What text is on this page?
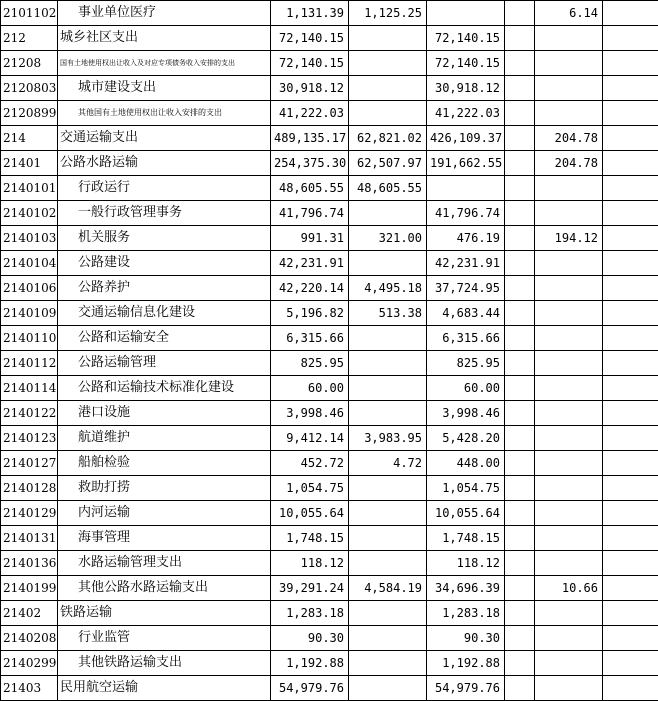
2101102	事业单位医疗	1,131.39	1,125.25			6.14	
212	城乡社区支出	72,140.15		72,140.15			
21208	国有土地使用权出让收入及对应专项债务收入安排的支出	72,140.15		72,140.15			
2120803	城市建设支出	30,918.12		30,918.12			
2120899	其他国有土地使用权出让收入安排的支出	41,222.03		41,222.03			
214	交通运输支出	489,135.17	62,821.02	426,109.37		204.78	
21401	公路水路运输	254,375.30	62,507.97	191,662.55		204.78	
2140101	行政运行	48,605.55	48,605.55				
2140102	一般行政管理事务	41,796.74		41,796.74			
2140103	机关服务	991.31	321.00	476.19		194.12	
2140104	公路建设	42,231.91		42,231.91			
2140106	公路养护	42,220.14	4,495.18	37,724.95			
2140109	交通运输信息化建设	5,196.82	513.38	4,683.44			
2140110	公路和运输安全	6,315.66		6,315.66			
2140112	公路运输管理	825.95		825.95			
2140114	公路和运输技术标准化建设	60.00		60.00			
2140122	港口设施	3,998.46		3,998.46			
2140123	航道维护	9,412.14	3,983.95	5,428.20			
2140127	船舶检验	452.72	4.72	448.00			
2140128	救助打捞	1,054.75		1,054.75			
2140129	内河运输	10,055.64		10,055.64			
2140131	海事管理	1,748.15		1,748.15			
2140136	水路运输管理支出	118.12		118.12			
2140199	其他公路水路运输支出	39,291.24	4,584.19	34,696.39		10.66	
21402	铁路运输	1,283.18		1,283.18			
2140208	行业监管	90.30		90.30			
2140299	其他铁路运输支出	1,192.88		1,192.88			
21403	民用航空运输	54,979.76		54,979.76			
